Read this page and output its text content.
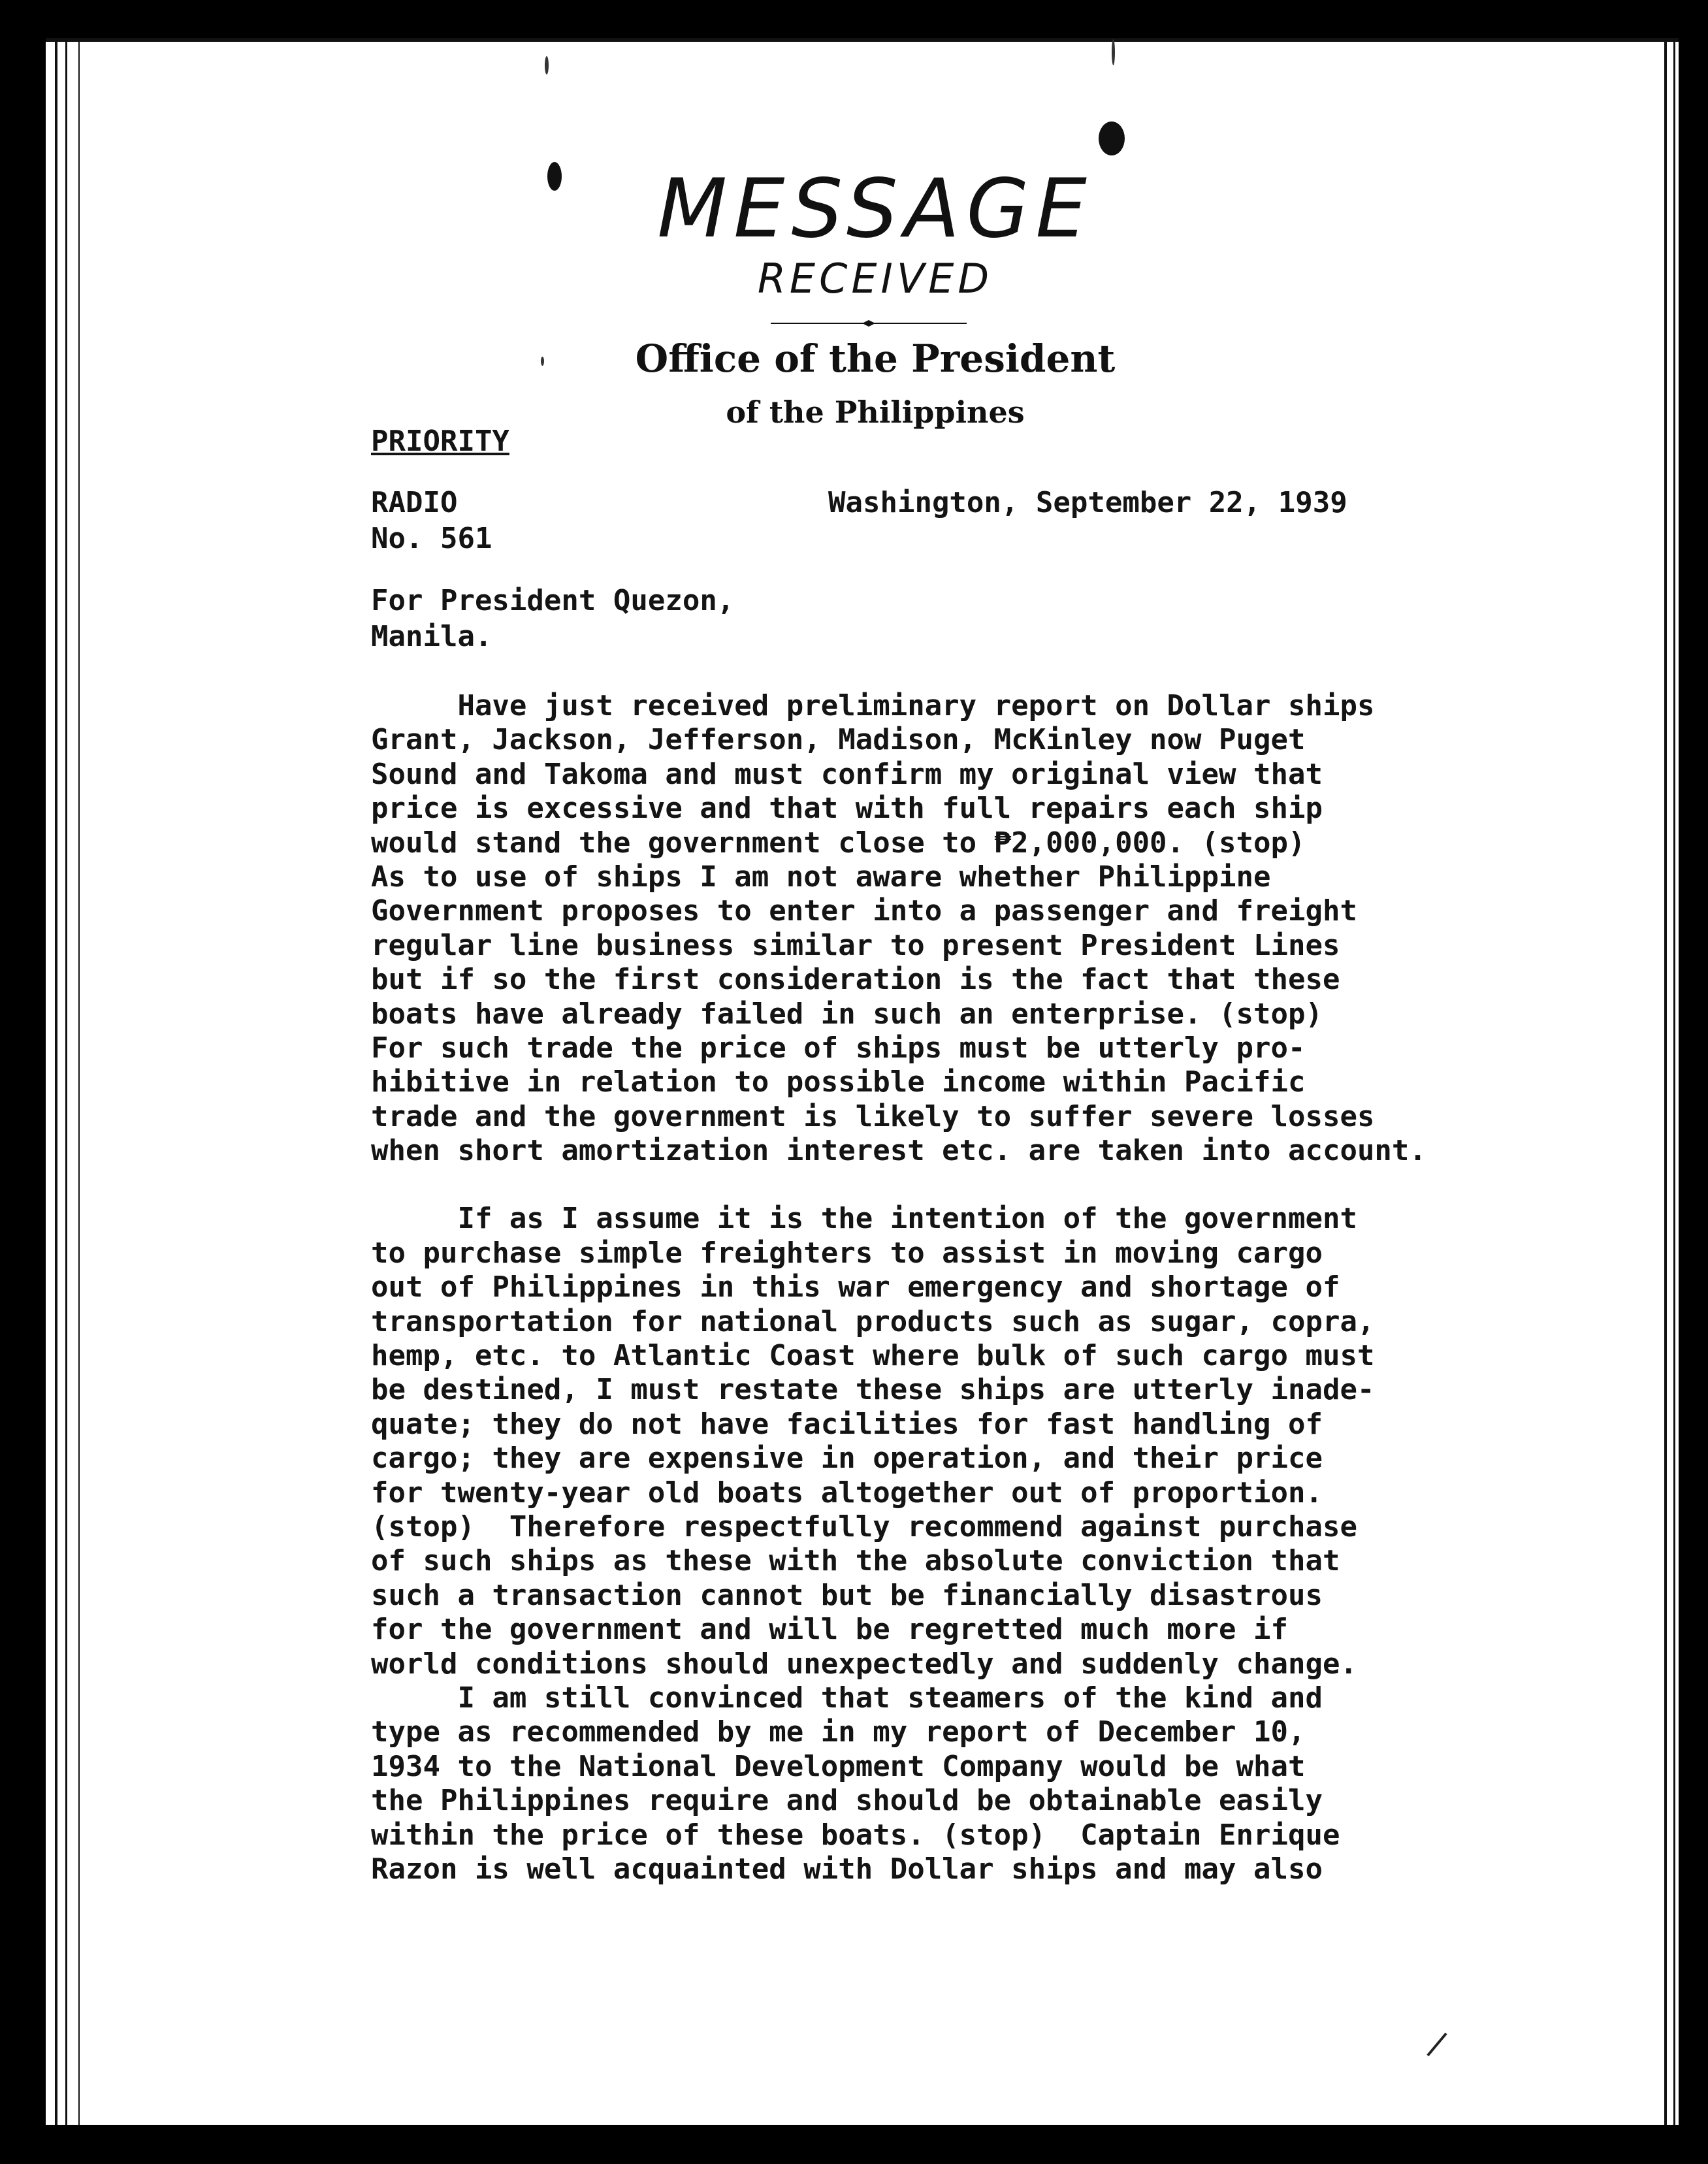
MESSAGE
RECEIVED
Office of the President
of the Philippines
PRIORITY
RADIO
No. 561
Washington, September 22, 1939
For President Quezon,
Manila.
Have just received preliminary report on Dollar ships
Grant, Jackson, Jefferson, Madison, McKinley now Puget
Sound and Takoma and must confirm my original view that
price is excessive and that with full repairs each ship
would stand the government close to ₱2,000,000. (stop)
As to use of ships I am not aware whether Philippine
Government proposes to enter into a passenger and freight
regular line business similar to present President Lines
but if so the first consideration is the fact that these
boats have already failed in such an enterprise. (stop)
For such trade the price of ships must be utterly pro-
hibitive in relation to possible income within Pacific
trade and the government is likely to suffer severe losses
when short amortization interest etc. are taken into account.
If as I assume it is the intention of the government
to purchase simple freighters to assist in moving cargo
out of Philippines in this war emergency and shortage of
transportation for national products such as sugar, copra,
hemp, etc. to Atlantic Coast where bulk of such cargo must
be destined, I must restate these ships are utterly inade-
quate; they do not have facilities for fast handling of
cargo; they are expensive in operation, and their price
for twenty-year old boats altogether out of proportion.
(stop)  Therefore respectfully recommend against purchase
of such ships as these with the absolute conviction that
such a transaction cannot but be financially disastrous
for the government and will be regretted much more if
world conditions should unexpectedly and suddenly change.
I am still convinced that steamers of the kind and
type as recommended by me in my report of December 10,
1934 to the National Development Company would be what
the Philippines require and should be obtainable easily
within the price of these boats. (stop)  Captain Enrique
Razon is well acquainted with Dollar ships and may also
